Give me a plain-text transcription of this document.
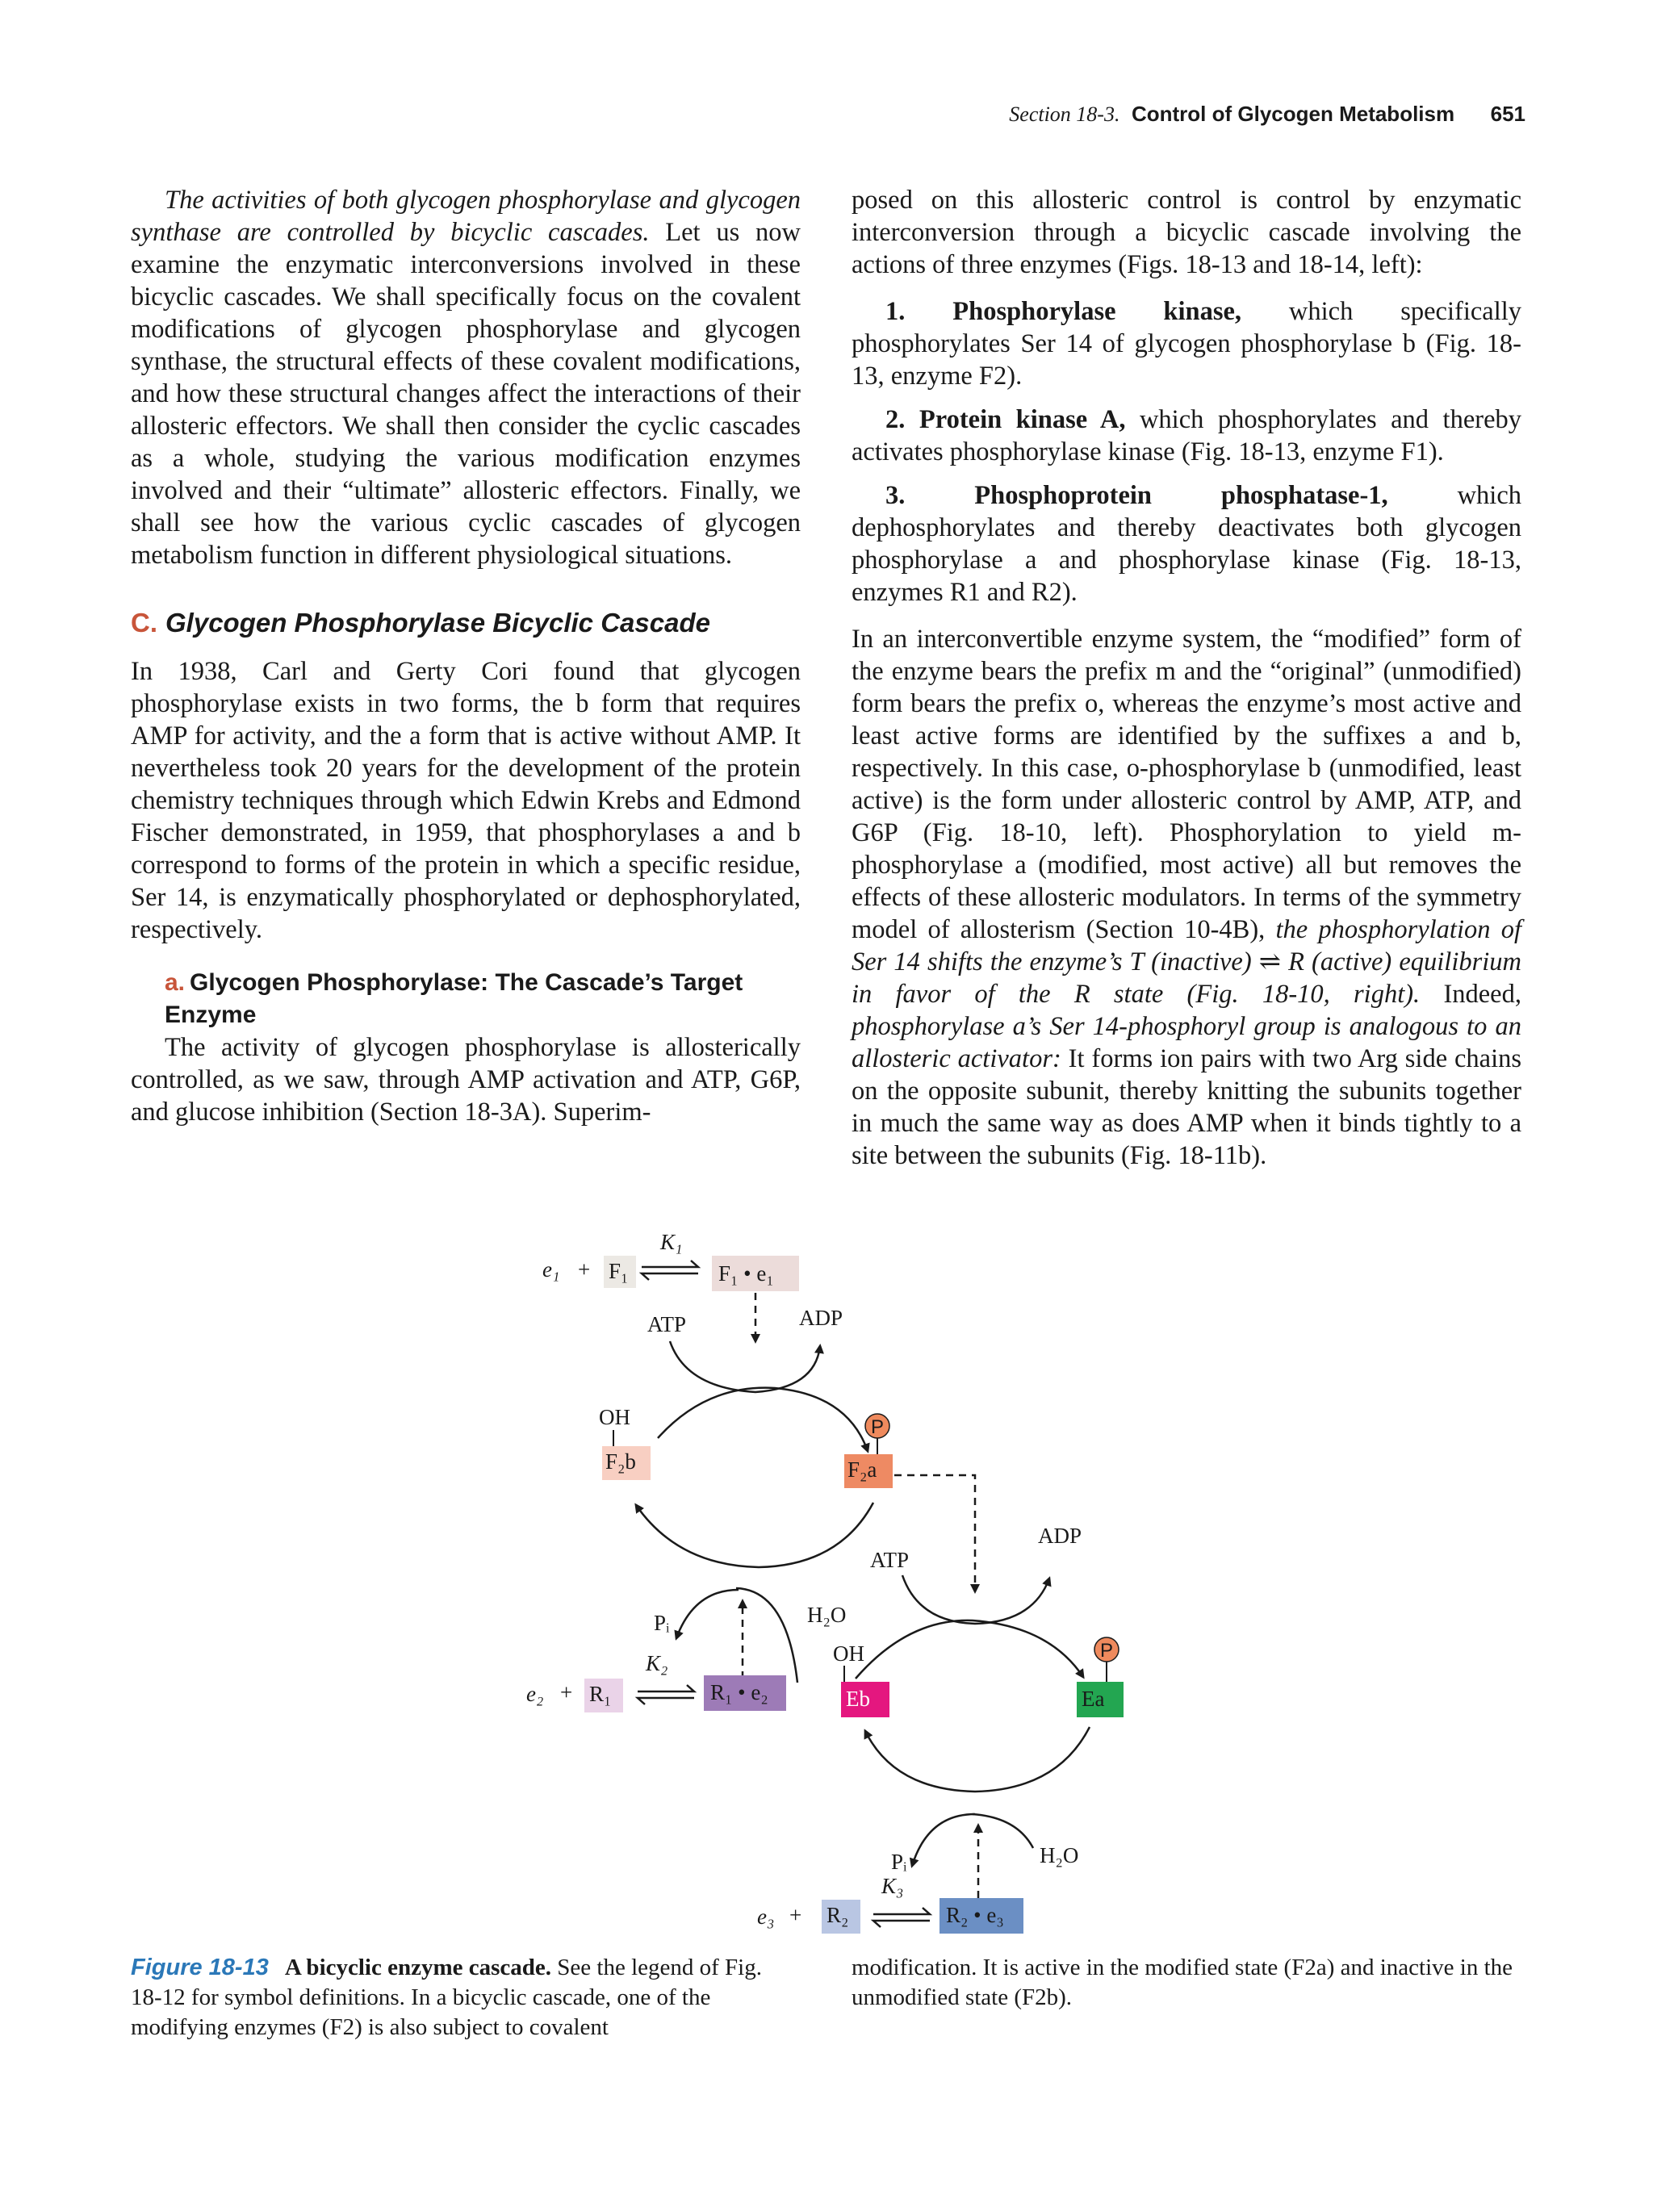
Section 18-3. Control of Glycogen Metabolism 651

The activities of both glycogen phosphorylase and glycogen synthase are controlled by bicyclic cascades. Let us now examine the enzymatic interconversions involved in these bicyclic cascades. We shall specifically focus on the covalent modifications of glycogen phosphorylase and glycogen synthase, the structural effects of these covalent modifications, and how these structural changes affect the interactions of their allosteric effectors. We shall then consider the cyclic cascades as a whole, studying the various modification enzymes involved and their “ultimate” allosteric effectors. Finally, we shall see how the various cyclic cascades of glycogen metabolism function in different physiological situations.

C. Glycogen Phosphorylase Bicyclic Cascade

In 1938, Carl and Gerty Cori found that glycogen phosphorylase exists in two forms, the b form that requires AMP for activity, and the a form that is active without AMP. It nevertheless took 20 years for the development of the protein chemistry techniques through which Edwin Krebs and Edmond Fischer demonstrated, in 1959, that phosphorylases a and b correspond to forms of the protein in which a specific residue, Ser 14, is enzymatically phosphorylated or dephosphorylated, respectively.

a. Glycogen Phosphorylase: The Cascade’s Target Enzyme

The activity of glycogen phosphorylase is allosterically controlled, as we saw, through AMP activation and ATP, G6P, and glucose inhibition (Section 18-3A). Superim-

posed on this allosteric control is control by enzymatic interconversion through a bicyclic cascade involving the actions of three enzymes (Figs. 18-13 and 18-14, left):

1. Phosphorylase kinase, which specifically phosphorylates Ser 14 of glycogen phosphorylase b (Fig. 18-13, enzyme F2).

2. Protein kinase A, which phosphorylates and thereby activates phosphorylase kinase (Fig. 18-13, enzyme F1).

3.	Phosphoprotein phosphatase-1,	which dephosphorylates and thereby deactivates both glycogen phosphorylase a and phosphorylase kinase (Fig. 18-13, enzymes R1 and R2).

In an interconvertible enzyme system, the “modified” form of the enzyme bears the prefix m and the “original” (unmodified) form bears the prefix o, whereas the enzyme’s most active and least active forms are identified by the suffixes a and b, respectively. In this case, o-phosphorylase b (unmodified, least active) is the form under allosteric control by AMP, ATP, and G6P (Fig. 18-10, left). Phosphorylation to yield m-phosphorylase a (modified, most active) all but removes the effects of these allosteric modulators. In terms of the symmetry model of allosterism (Section 10-4B), the phosphorylation of Ser 14 shifts the enzyme’s T (inactive) ⇌ R (active) equilibrium in favor of the R state (Fig. 18-10, right). Indeed, phosphorylase a’s Ser 14-phosphoryl group is analogous to an allosteric activator: It forms ion pairs with two Arg side chains on the opposite subunit, thereby knitting the subunits together in much the same way as does AMP when it binds tightly to a site between the subunits (Fig. 18-11b).

e₁ + F₁
K₁
F₁ • e₁
ATP	ADP
OH
F₂b
P
F₂a
Pᵢ	H₂O
e₂ + R₁
K₂
R₁ • e₂
ATP
ADP
OH
Eb
P
Ea
Pᵢ	H₂O
e₃ + R₂
K₃
R₂ • e₃
Figure 18-13 A bicyclic enzyme cascade. See the legend of Fig. 18-12 for symbol definitions. In a bicyclic cascade, one of the modifying enzymes (F2) is also subject to covalent
modification. It is active in the modified state (F2a) and inactive in the unmodified state (F2b).
